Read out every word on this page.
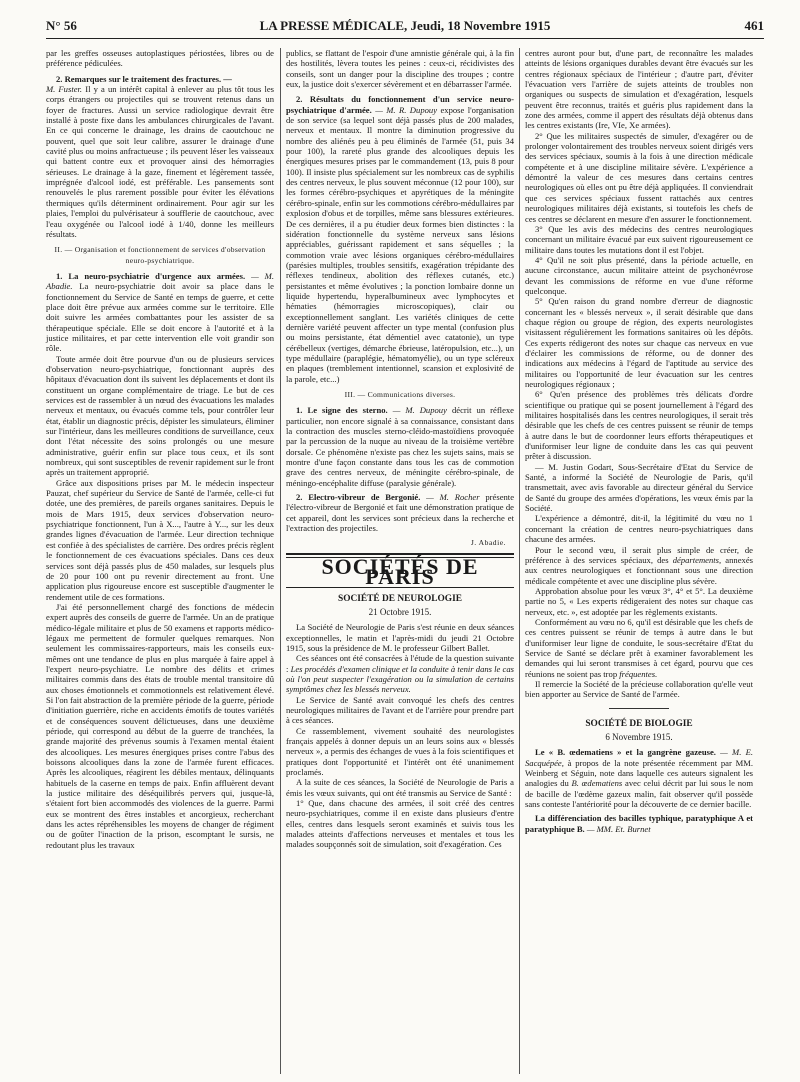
N° 56	LA PRESSE MÉDICALE, Jeudi, 18 Novembre 1915	461

par les greffes osseuses autoplastiques périostées, libres ou de préférence pédiculées.

2. Remarques sur le traitement des fractures. —
M. Fuster. Il y a un intérêt capital à enlever au plus tôt tous les corps étrangers ou projectiles qui se trouvent retenus dans un foyer de fractures. Aussi un service radiologique devrait être installé à poste fixe dans les ambulances chirurgicales de l'avant. En ce qui concerne le drainage, les drains de caoutchouc ne pouvent, quel que soit leur calibre, assurer le drainage d'une cavité plus ou moins anfractueuse ; ils peuvent léser les vaisseaux qui battent contre eux et provoquer ainsi des hémorragies sérieuses. Le drainage à la gaze, finement et légèrement tassée, imprégnée d'alcool iodé, est préférable. Les pansements sont renouvelés le plus rarement possible pour éviter les élévations thermiques qu'ils déterminent ordinairement. Pour agir sur les plaies, l'emploi du pulvérisateur à soufflerie de caoutchouc, avec l'eau oxygénée ou l'alcool iodé à 1/40, donne les meilleurs résultats.

II. — Organisation et fonctionnement de services d'observation neuro-psychiatrique.

1. La neuro-psychiatrie d'urgence aux armées. — M. Abadie. La neuro-psychiatrie doit avoir sa place dans le fonctionnement du Service de Santé en temps de guerre, et cette place doit être prévue aux armées comme sur le territoire. Elle doit suivre les armées combattantes pour les assister de sa thérapeutique spéciale. Elle se doit encore à l'autorité et à la justice militaires, et par cette intervention elle voit grandir son rôle.

Toute armée doit être pourvue d'un ou de plusieurs services d'observation neuro-psychiatrique, fonctionnant auprès des hôpitaux d'évacuation dont ils suivent les déplacements et dont ils constituent un organe complémentaire de triage. Le but de ces services est de rassembler à un nœud des évacuations les malades nerveux et mentaux, ou évacués comme tels, pour contrôler leur état, établir un diagnostic précis, dépister les simulateurs, éliminer sur l'intérieur, dans les meilleures conditions de surveillance, ceux dont l'état nécessite des soins prolongés ou une mesure administrative, guérir enfin sur place tous ceux, et ils sont nombreux, qui sont susceptibles de revenir rapidement sur le front après un traitement approprié.

Grâce aux dispositions prises par M. le médecin inspecteur Pauzat, chef supérieur du Service de Santé de l'armée, celle-ci fut dotée, une des premières, de pareils organes sanitaires. Depuis le mois de Mars 1915, deux services d'observation neuro-psychiatrique fonctionnent, l'un à X..., l'autre à Y..., sur les deux grandes lignes d'évacuation de l'armée. Leur direction technique est confiée à des spécialistes de carrière. Des ordres précis règlent le fonctionnement de ces évacuations spéciales. Dans ces deux services sont déjà passés plus de 450 malades, sur lesquels plus de 20 pour 100 ont pu revenir directement au front. Une application plus rigoureuse encore est susceptible d'augmenter le rendement utile de ces formations.

J'ai été personnellement chargé des fonctions de médecin expert auprès des conseils de guerre de l'armée. Un an de pratique médico-légale militaire et plus de 50 examens et rapports médico-légaux me permettent de formuler quelques remarques. Non seulement les commissaires-rapporteurs, mais les conseils eux-mêmes ont une tendance de plus en plus marquée à faire appel à l'expert neuro-psychiatre. Le nombre des délits et crimes militaires commis dans des états de trouble mental transitoire dû aux choses émotionnels et commotionnels est relativement élevé. Si l'on fait abstraction de la première période de la guerre, période d'initiation guerrière, riche en accidents émotifs de toutes variétés et de conséquences souvent délictueuses, dans une deuxième période, qui correspond au début de la guerre de tranchées, la grande majorité des prévenus soumis à l'examen mental étaient des alcooliques. Les mesures énergiques prises contre l'abus des boissons alcooliques dans la zone de l'armée furent efficaces. Après les alcooliques, réagirent les débiles mentaux, délinquants habituels de la caserne en temps de paix. Enfin affluèrent devant la justice militaire des déséquilibrés pervers qui, jusque-là, s'étaient fort bien accommodés des violences de la guerre. Parmi eux se montrent des êtres instables et ancorgieux, recherchant dans les actes répréhensibles les moyens de changer de régiment ou de goûter l'inaction de la prison, escomptant le sursis, ne redoutant plus les travaux

publics, se flattant de l'espoir d'une amnistie générale qui, à la fin des hostilités, lèvera toutes les peines : ceux-ci, récidivistes des conseils, sont un danger pour la discipline des troupes ; contre eux, la justice doit s'exercer sévèrement et en débarrasser l'armée.

2. Résultats du fonctionnement d'un service neuro-psychiatrique d'armée. — M. R. Dupouy expose l'organisation de son service (sa lequel sont déjà passés plus de 200 malades, nerveux et mentaux. Il montre la diminution progressive du nombre des aliénés peu à peu éliminés de l'armée (51, puis 34 pour 100), la rareté plus grande des alcooliques depuis les énergiques mesures prises par le commandement (13, puis 8 pour 100). Il insiste plus spécialement sur les nombreux cas de syphilis des centres nerveux, le plus souvent méconnue (12 pour 100), sur les formes cérébro-psychiques et apyrétiques de la méningite cérébro-spinale, enfin sur les commotions cérébro-médullaires par explosion d'obus et de torpilles, même sans blessures extérieures. De ces dernières, il a pu étudier deux formes bien distinctes : la sidération fonctionnelle du système nerveux sans lésions appréciables, guérissant rapidement et sans séquelles ; la commotion vraie avec lésions organiques cérébro-médullaires (parésies multiples, troubles sensitifs, exagération trépidante des réflexes tendineux, abolition des réflexes cutanés, etc.) persistantes et même évolutives ; la ponction lombaire donne un liquide hypertendu, hyperalbumineux avec lymphocytes et hématies (hémorragies microscopiques), clair ou exceptionnellement sanglant. Les variétés cliniques de cette dernière variété peuvent affecter un type mental (confusion plus ou moins persistante, état démentiel avec catatonie), un type cérébelleux (vertiges, démarche ébrieuse, latéropulsion, etc...), un type médullaire (paraplégie, hématomyélie), ou un type scléreux en plaques (tremblement intentionnel, scansion et explosivité de la parole, etc...)

III. — Communications diverses.

1. Le signe des sterno. — M. Dupouy décrit un réflexe particulier, non encore signalé à sa connaissance, consistant dans la contraction des muscles sterno-cléido-mastoïdiens provoquée par la percussion de la nuque au niveau de la troisième vertèbre dorsale. Ce phénomène n'existe pas chez les sujets sains, mais se montre d'une façon constante dans tous les cas de commotion grave des centres nerveux, de méningite cérébro-spinale, de méningo-encéphalite diffuse (paralysie générale).

2. Electro-vibreur de Bergonié. — M. Rocher présente l'électro-vibreur de Bergonié et fait une démonstration pratique de cet appareil, dont les services sont précieux dans la recherche et l'extraction des projectiles.

J. Abadie.
SOCIÉTÉS DE PARIS
SOCIÉTÉ DE NEUROLOGIE
21 Octobre 1915.

La Société de Neurologie de Paris s'est réunie en deux séances exceptionnelles, le matin et l'après-midi du jeudi 21 Octobre 1915, sous la présidence de M. le professeur Gilbert Ballet.

Ces séances ont été consacrées à l'étude de la question suivante : Les procédés d'examen clinique et la conduite à tenir dans le cas où l'on peut suspecter l'exagération ou la simulation de certains symptômes chez les blessés nerveux.

Le Service de Santé avait convoqué les chefs des centres neurologiques militaires de l'avant et de l'arrière pour prendre part à ces séances.

Ce rassemblement, vivement souhaité des neurologistes français appelés à donner depuis un an leurs soins aux « blessés nerveux », a permis des échanges de vues à la fois scientifiques et pratiques dont l'opportunité et l'intérêt ont été unanimement proclamés.

A la suite de ces séances, la Société de Neurologie de Paris a émis les vœux suivants, qui ont été transmis au Service de Santé :

1° Que, dans chacune des armées, il soit créé des centres neuro-psychiatriques, comme il en existe dans plusieurs d'entre elles, centres dans lesquels seront examinés et suivis tous les malades atteints d'affections nerveuses et mentales et tous les malades soupçonnés soit de simulation, soit d'exagération. Ces

centres auront pour but, d'une part, de reconnaître les malades atteints de lésions organiques durables devant être évacués sur les centres régionaux spéciaux de l'intérieur ; d'autre part, d'éviter l'évacuation vers l'arrière de sujets atteints de troubles non organiques ou suspects de simulation et d'exagération, lesquels peuvent être reconnus, traités et guéris plus rapidement dans la zone des armées, comme il appert des résultats déjà obtenus dans les centres existants (Ire, VIe, Xe armées).

2° Que les militaires suspectés de simuler, d'exagérer ou de prolonger volontairement des troubles nerveux soient dirigés vers des services spéciaux, soumis à la fois à une direction médicale compétente et à une discipline militaire sévère. L'expérience a démontré la valeur de ces mesures dans certains centres neurologiques où elles ont pu être déjà appliquées. Il conviendrait que ces services spéciaux fussent rattachés aux centres neurologiques militaires déjà existants, si toutefois les chefs de ces centres se déclarent en mesure d'en assurer le fonctionnement.

3° Que les avis des médecins des centres neurologiques concernant un militaire évacué par eux suivent rigoureusement ce militaire dans toutes les mutations dont il est l'objet.

4° Qu'il ne soit plus présenté, dans la période actuelle, en aucune circonstance, aucun militaire atteint de psychonévrose devant les commissions de réforme en vue d'une réforme quelconque.

5° Qu'en raison du grand nombre d'erreur de diagnostic concernant les « blessés nerveux », il serait désirable que dans chaque région ou groupe de région, des experts neurologistes visitassent régulièrement les formations sanitaires où les dépôts. Ces experts rédigeront des notes sur chaque cas nerveux en vue d'éclairer les commissions de réforme, ou de donner des indications aux médecins à l'égard de l'aptitude au service des militaires ou l'opportunité de leur évacuation sur les centres neurologiques régionaux ;

6° Qu'en présence des problèmes très délicats d'ordre scientifique ou pratique qui se posent journellement à l'égard des militaires hospitalisés dans les centres neurologiques, il serait très désirable que les chefs de ces centres puissent se réunir de temps à autre dans le but de coordonner leurs efforts thérapeutiques et d'uniformiser leur ligne de conduite dans les cas qui peuvent prêter à discussion.

— M. Justin Godart, Sous-Secrétaire d'Etat du Service de Santé, a informé la Société de Neurologie de Paris, qu'il transmettait, avec avis favorable au directeur général du Service de Santé du groupe des armées d'opérations, les vœux émis par la Société.

L'expérience a démontré, dit-il, la légitimité du vœu no 1 concernant la création de centres neuro-psychiatriques dans chacune des armées.

Pour le second vœu, il serait plus simple de créer, de préférence à des services spéciaux, des départements, annexés aux centres neurologiques et fonctionnant sous une direction médicale compétente et avec une discipline plus sévère.

Approbation absolue pour les vœux 3°, 4° et 5°. La deuxième partie no 5, « Les experts rédigeraient des notes sur chaque cas nerveux, etc. », est adoptée par les règlements existants.

Conformément au vœu no 6, qu'il est désirable que les chefs de ces centres puissent se réunir de temps à autre dans le but d'uniformiser leur ligne de conduite, le sous-secrétaire d'Etat du Service de Santé se déclare prêt à examiner favorablement les demandes qui lui seront transmises à cet égard, pourvu que ces réunions ne soient pas trop fréquentes.

Il remercie la Société de la précieuse collaboration qu'elle veut bien apporter au Service de Santé de l'armée.

SOCIÉTÉ DE BIOLOGIE
6 Novembre 1915.

Le « B. œdematiens » et la gangrène gazeuse. — M. E. Sacquépée, à propos de la note présentée récemment par MM. Weinberg et Séguin, note dans laquelle ces auteurs signalent les analogies du B. œdematiens avec celui décrit par lui sous le nom de bacille de l'œdème gazeux malin, fait observer qu'il possède sans conteste l'antériorité pour la découverte de ce dernier bacille.

La différenciation des bacilles typhique, paratyphique A et paratyphique B. — MM. Et. Burnet
